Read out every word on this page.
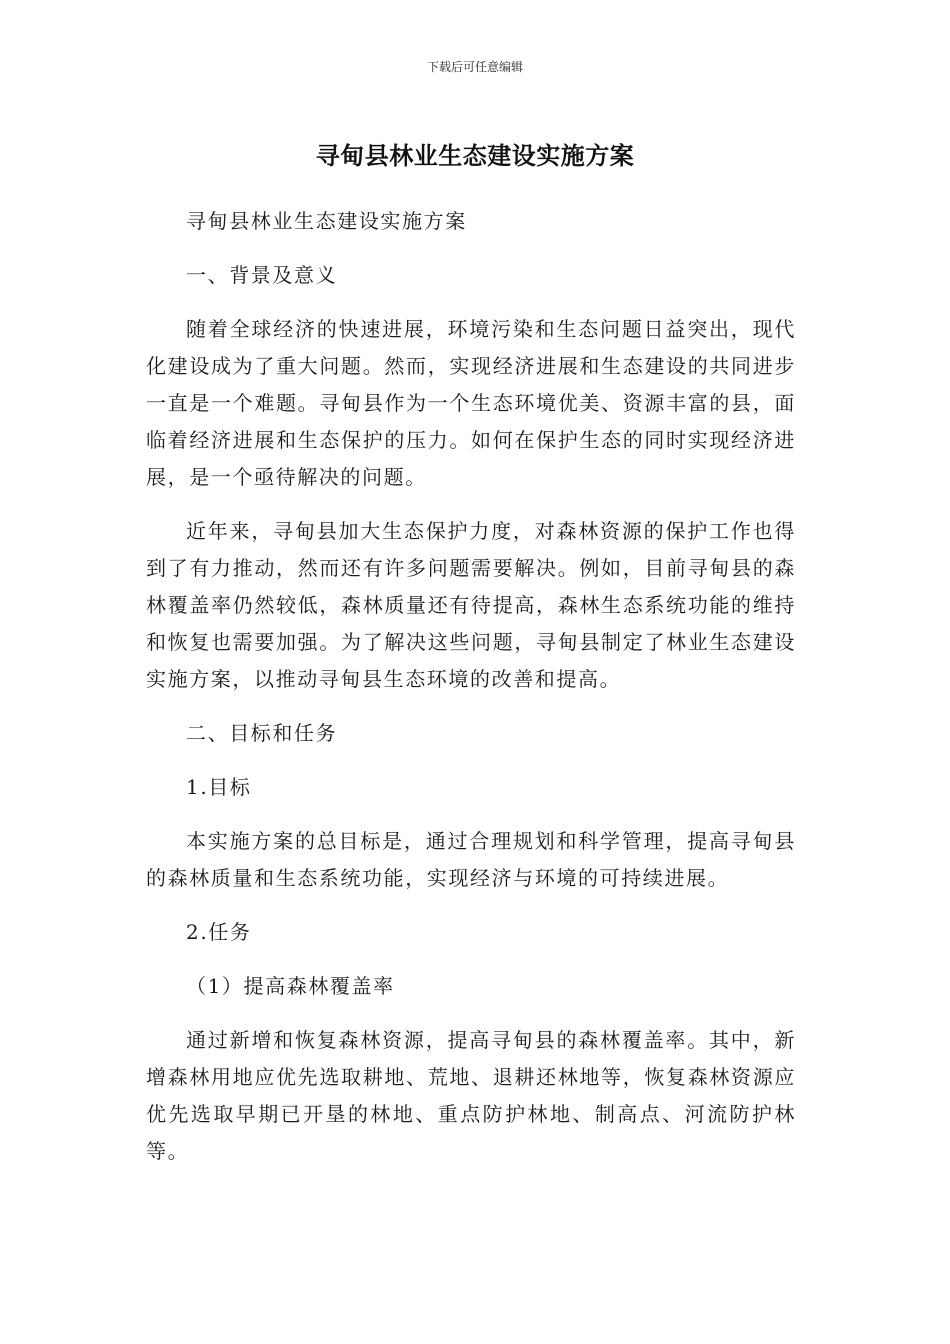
下载后可任意编辑
寻甸县林业生态建设实施方案

寻甸县林业生态建设实施方案

一、背景及意义

随着全球经济的快速进展，环境污染和生态问题日益突出，现代化建设成为了重大问题。然而，实现经济进展和生态建设的共同进步一直是一个难题。寻甸县作为一个生态环境优美、资源丰富的县，面临着经济进展和生态保护的压力。如何在保护生态的同时实现经济进展，是一个亟待解决的问题。

近年来，寻甸县加大生态保护力度，对森林资源的保护工作也得到了有力推动，然而还有许多问题需要解决。例如，目前寻甸县的森林覆盖率仍然较低，森林质量还有待提高，森林生态系统功能的维持和恢复也需要加强。为了解决这些问题，寻甸县制定了林业生态建设实施方案，以推动寻甸县生态环境的改善和提高。

二、目标和任务

1.目标

本实施方案的总目标是，通过合理规划和科学管理，提高寻甸县的森林质量和生态系统功能，实现经济与环境的可持续进展。

2.任务

（1）提高森林覆盖率

通过新增和恢复森林资源，提高寻甸县的森林覆盖率。其中，新增森林用地应优先选取耕地、荒地、退耕还林地等，恢复森林资源应优先选取早期已开垦的林地、重点防护林地、制高点、河流防护林等。
